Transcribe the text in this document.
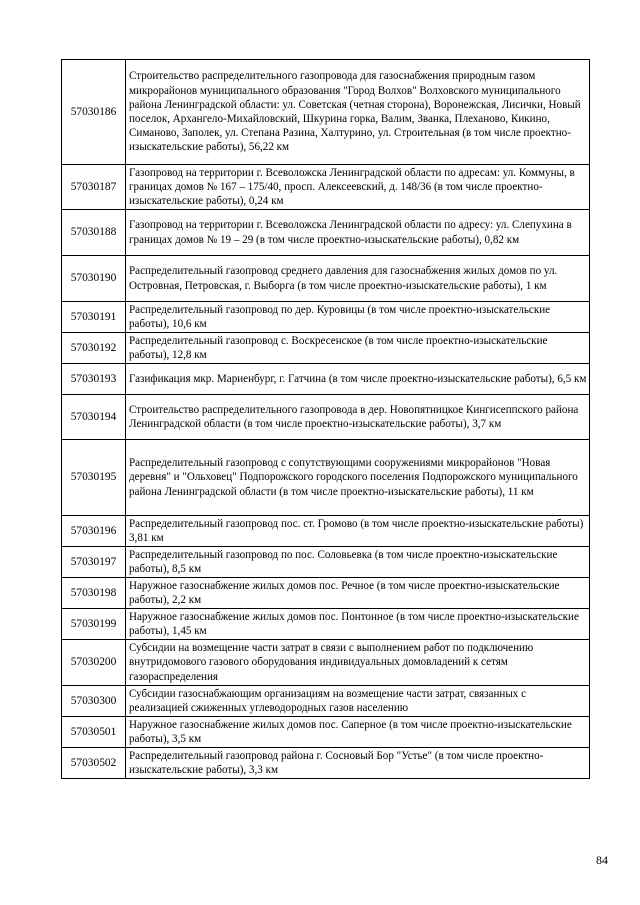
57030186	Строительство распределительного газопровода для газоснабжения природным газом микрорайонов муниципального образования "Город Волхов" Волховского муниципального района Ленинградской области: ул. Советская (четная сторона), Воронежская, Лисички, Новый поселок, Архангело-Михайловский, Шкурина горка, Валим, Званка, Плеханово, Кикино, Симаново, Заполек, ул. Степана Разина, Халтурино, ул. Строительная (в том числе проектно-изыскательские работы), 56,22 км
57030187	Газопровод на территории г. Всеволожска Ленинградской области по адресам: ул. Коммуны, в границах домов № 167 – 175/40, просп. Алексеевский, д. 148/36 (в том числе проектно-изыскательские работы), 0,24 км
57030188	Газопровод на территории г. Всеволожска Ленинградской области по адресу: ул. Слепухина в границах домов № 19 – 29 (в том числе проектно-изыскательские работы), 0,82 км
57030190	Распределительный газопровод среднего давления для газоснабжения жилых домов по ул. Островная, Петровская, г. Выборга (в том числе проектно-изыскательские работы), 1 км
57030191	Распределительный газопровод по дер. Куровицы (в том числе проектно-изыскательские работы), 10,6 км
57030192	Распределительный газопровод с. Воскресенское (в том числе проектно-изыскательские работы), 12,8 км
57030193	Газификация мкр. Мариенбург, г. Гатчина (в том числе проектно-изыскательские работы), 6,5 км
57030194	Строительство распределительного газопровода в дер. Новопятницкое Кингисеппского района Ленинградской области (в том числе проектно-изыскательские работы), 3,7 км
57030195	Распределительный газопровод с сопутствующими сооружениями микрорайонов "Новая деревня" и "Ольховец" Подпорожского городского поселения Подпорожского муниципального района Ленинградской области (в том числе проектно-изыскательские работы), 11 км
57030196	Распределительный газопровод пос. ст. Громово (в том числе проектно-изыскательские работы) 3,81 км
57030197	Распределительный газопровод по пос. Соловьевка (в том числе проектно-изыскательские работы), 8,5 км
57030198	Наружное газоснабжение жилых домов пос. Речное (в том числе проектно-изыскательские работы), 2,2 км
57030199	Наружное газоснабжение жилых домов пос. Понтонное (в том числе проектно-изыскательские работы), 1,45 км
57030200	Субсидии на возмещение части затрат в связи с выполнением работ по подключению внутридомового газового оборудования индивидуальных домовладений к сетям газораспределения
57030300	Субсидии газоснабжающим организациям на возмещение части затрат, связанных с реализацией сжиженных углеводородных газов населению
57030501	Наружное газоснабжение жилых домов пос. Саперное (в том числе проектно-изыскательские работы), 3,5 км
57030502	Распределительный газопровод района г. Сосновый Бор "Устье" (в том числе проектно-изыскательские работы), 3,3 км
84
